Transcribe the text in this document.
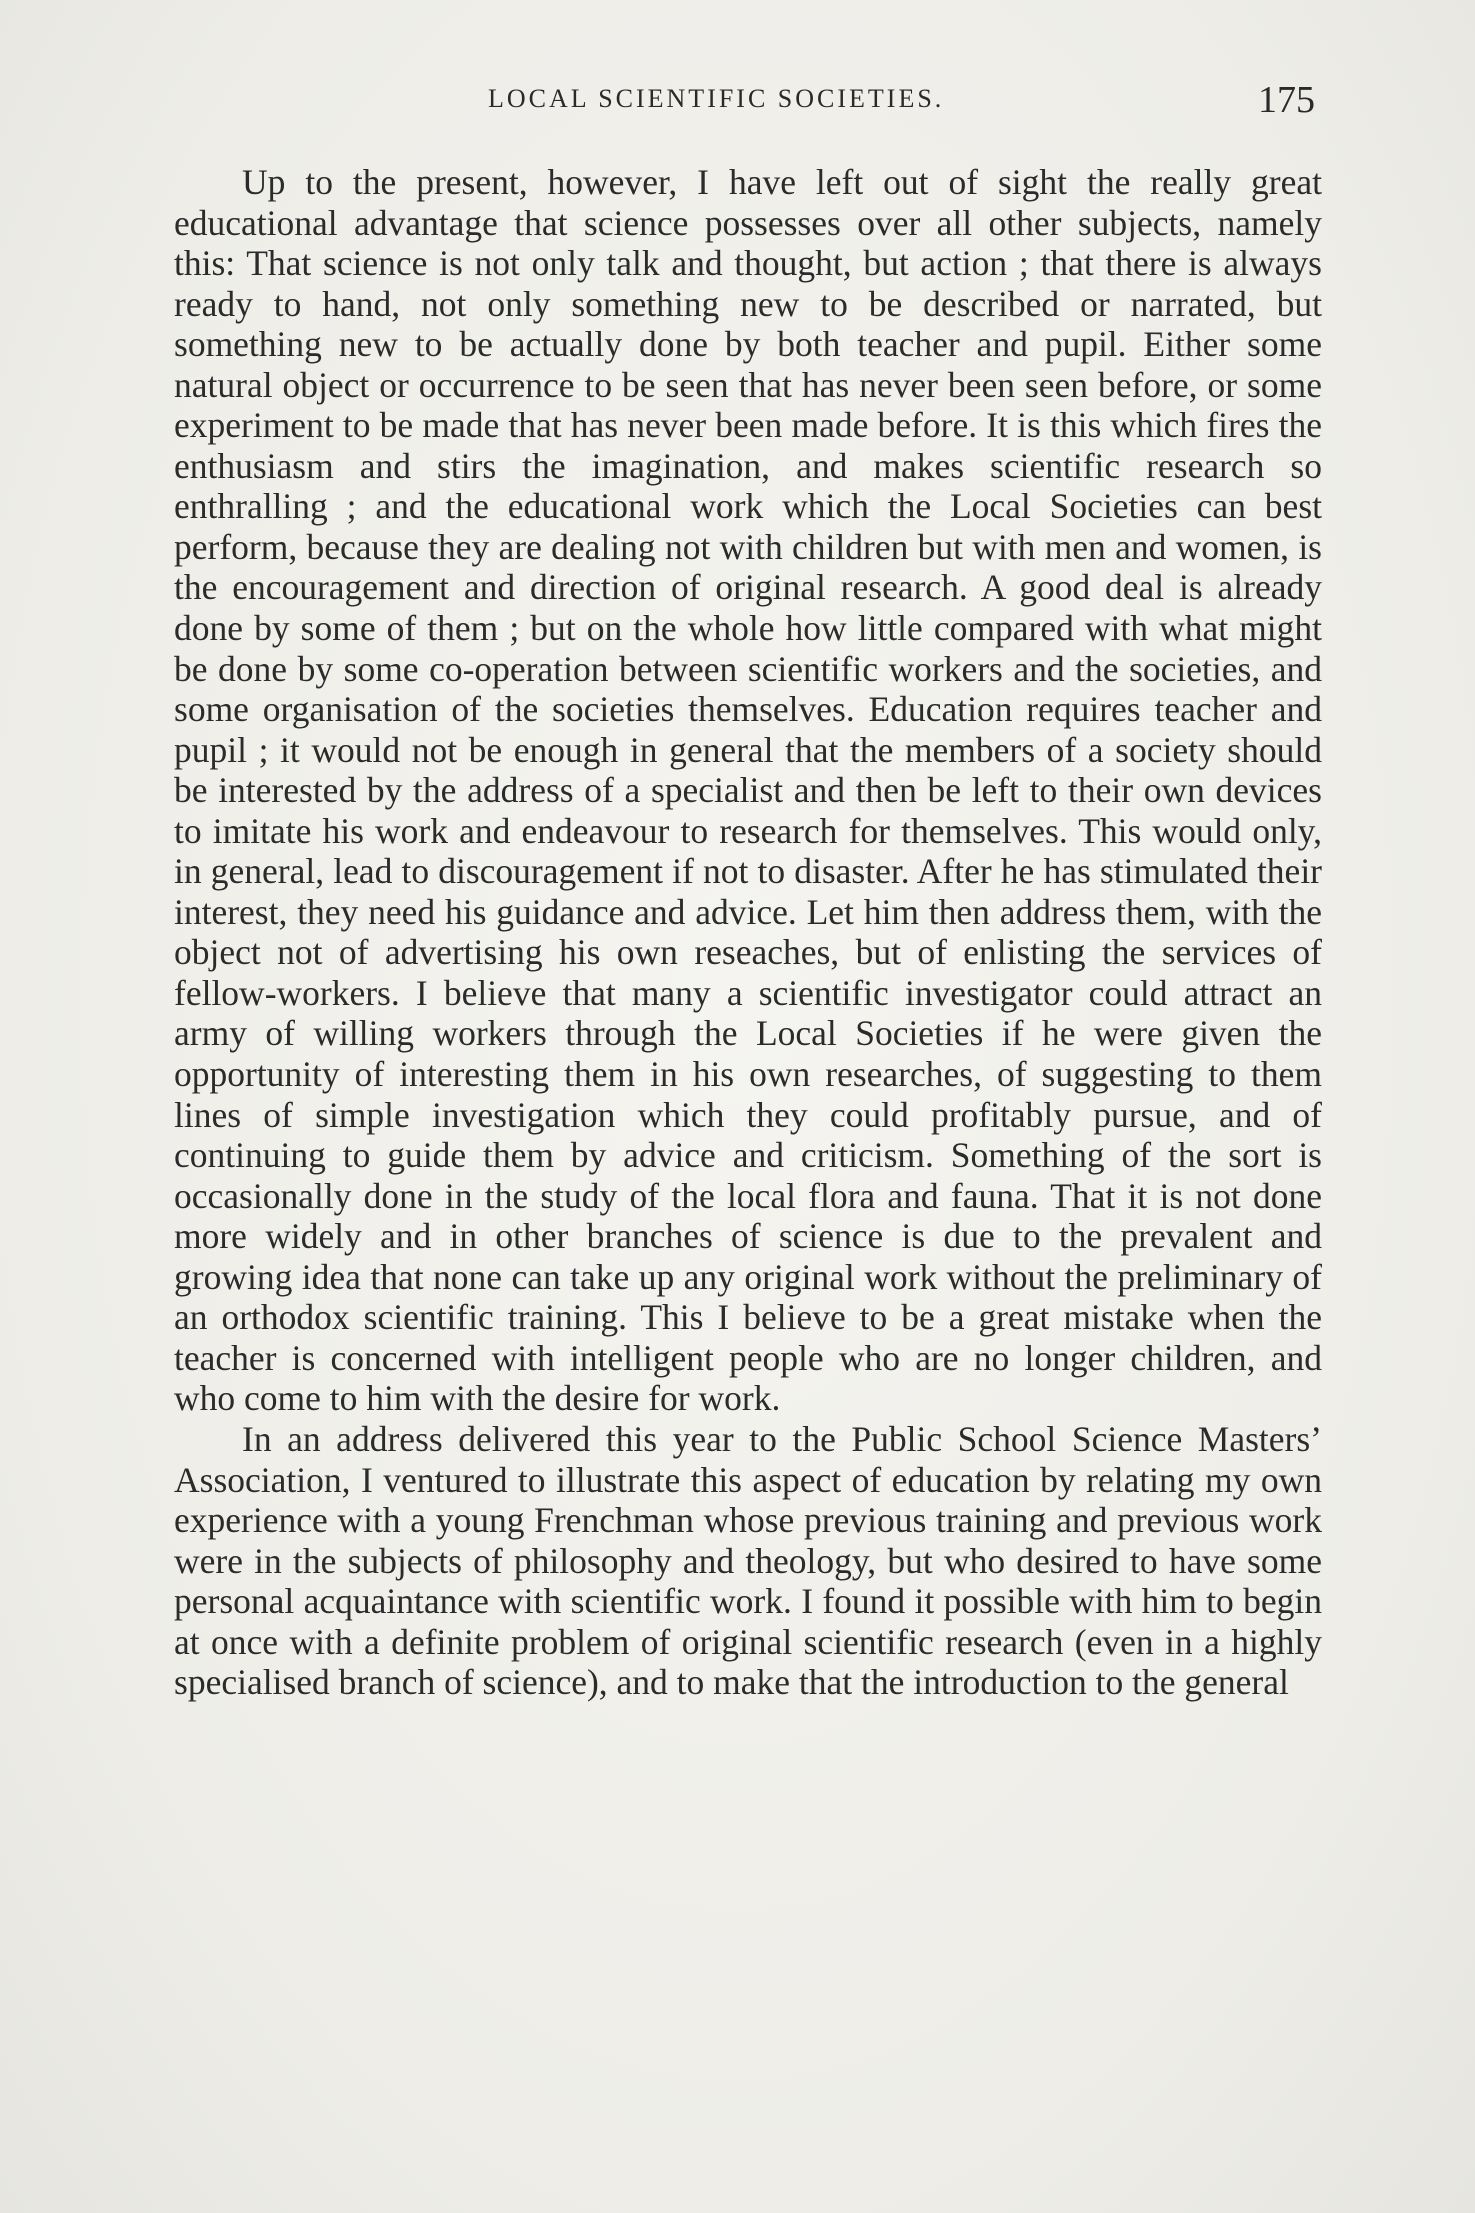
LOCAL SCIENTIFIC SOCIETIES.	175

Up to the present, however, I have left out of sight the really great educational advantage that science possesses over all other subjects, namely this: That science is not only talk and thought, but action ; that there is always ready to hand, not only something new to be described or narrated, but something new to be actually done by both teacher and pupil. Either some natural object or occurrence to be seen that has never been seen before, or some experiment to be made that has never been made before. It is this which fires the enthusiasm and stirs the imagination, and makes scientific research so enthralling ; and the educational work which the Local Societies can best perform, because they are dealing not with children but with men and women, is the encouragement and direction of original research. A good deal is already done by some of them ; but on the whole how little compared with what might be done by some co-operation between scientific workers and the societies, and some organisation of the societies themselves. Education requires teacher and pupil ; it would not be enough in general that the members of a society should be interested by the address of a specialist and then be left to their own devices to imitate his work and endeavour to research for themselves. This would only, in general, lead to discouragement if not to disaster. After he has stimulated their interest, they need his guidance and advice. Let him then address them, with the object not of advertising his own reseaches, but of enlisting the services of fellow-workers. I believe that many a scientific investigator could attract an army of willing workers through the Local Societies if he were given the opportunity of interesting them in his own researches, of suggesting to them lines of simple investigation which they could profitably pursue, and of continuing to guide them by advice and criticism. Something of the sort is occasionally done in the study of the local flora and fauna. That it is not done more widely and in other branches of science is due to the prevalent and growing idea that none can take up any original work without the preliminary of an orthodox scientific training. This I believe to be a great mistake when the teacher is concerned with intelligent people who are no longer children, and who come to him with the desire for work.

In an address delivered this year to the Public School Science Masters’ Association, I ventured to illustrate this aspect of education by relating my own experience with a young Frenchman whose previous training and previous work were in the subjects of philosophy and theology, but who desired to have some personal acquaintance with scientific work. I found it possible with him to begin at once with a definite problem of original scientific research (even in a highly specialised branch of science), and to make that the introduction to the general
